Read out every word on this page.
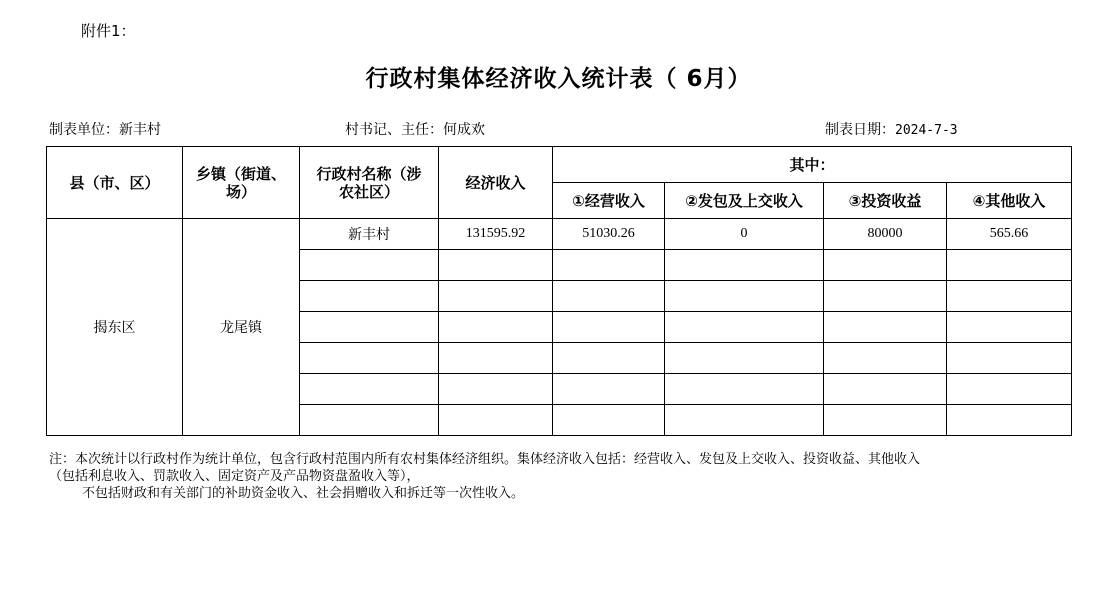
附件1：
行政村集体经济收入统计表（ 6月）
制表单位：新丰村	村书记、主任：何成欢	制表日期：2024-7-3
县（市、区）	乡镇（街道、场）	行政村名称（涉农社区）	经济收入	其中：			
				①经营收入	②发包及上交收入	③投资收益	④其他收入
揭东区	龙尾镇	新丰村	131595.92	51030.26	0	80000	565.66

注：本次统计以行政村作为统计单位，包含行政村范围内所有农村集体经济组织。集体经济收入包括：经营收入、发包及上交收入、投资收益、其他收入
（包括利息收入、罚款收入、固定资产及产品物资盘盈收入等），
不包括财政和有关部门的补助资金收入、社会捐赠收入和拆迁等一次性收入。
